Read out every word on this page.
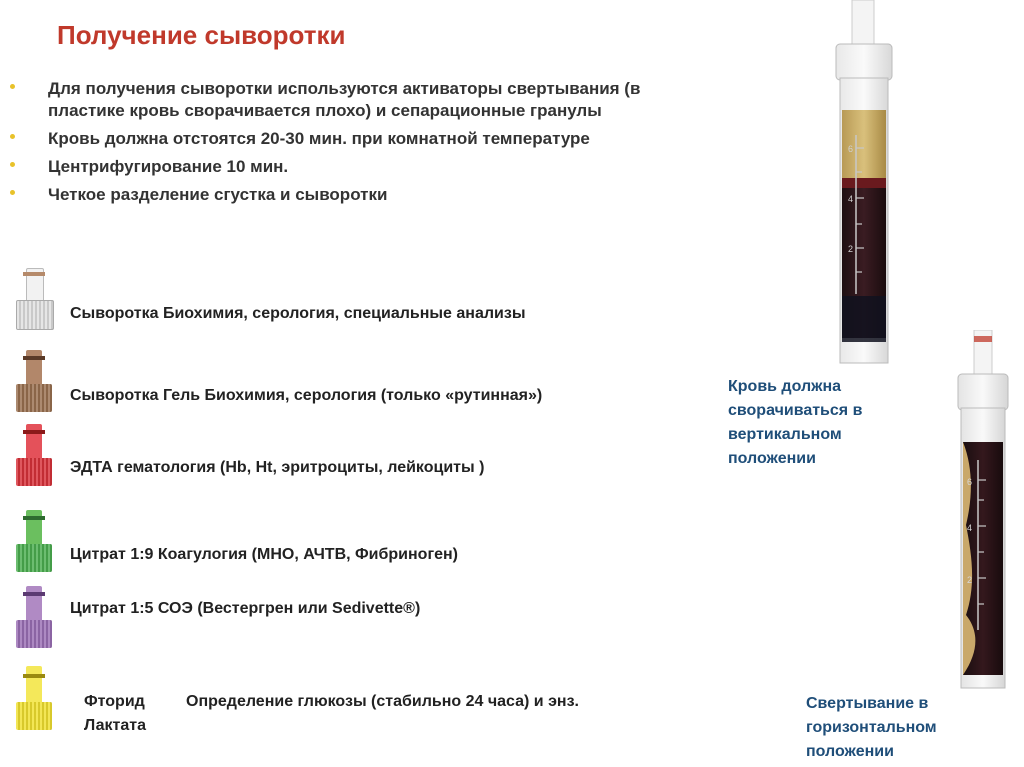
Получение сыворотки
Для получения сыворотки используются активаторы свертывания (в пластике кровь сворачивается плохо) и сепарационные гранулы
Кровь должна отстоятся 20-30 мин. при комнатной температуре
Центрифугирование 10 мин.
Четкое разделение сгустка и сыворотки
Сыворотка Биохимия, серология, специальные анализы
Сыворотка Гель Биохимия, серология (только «рутинная»)
ЭДТА гематология (Hb, Ht, эритроциты, лейкоциты )
Цитрат 1:9 Коагулогия (МНО, АЧТВ, Фибриноген)
Цитрат 1:5 СОЭ (Вестергрен или Sedivette®)
Фторид
Лактата
Определение глюкозы (стабильно 24 часа) и энз.
6
4
2
6
4
2
Кровь должна
сворачиваться в
вертикальном
положении
Свертывание в
горизонтальном
положении
